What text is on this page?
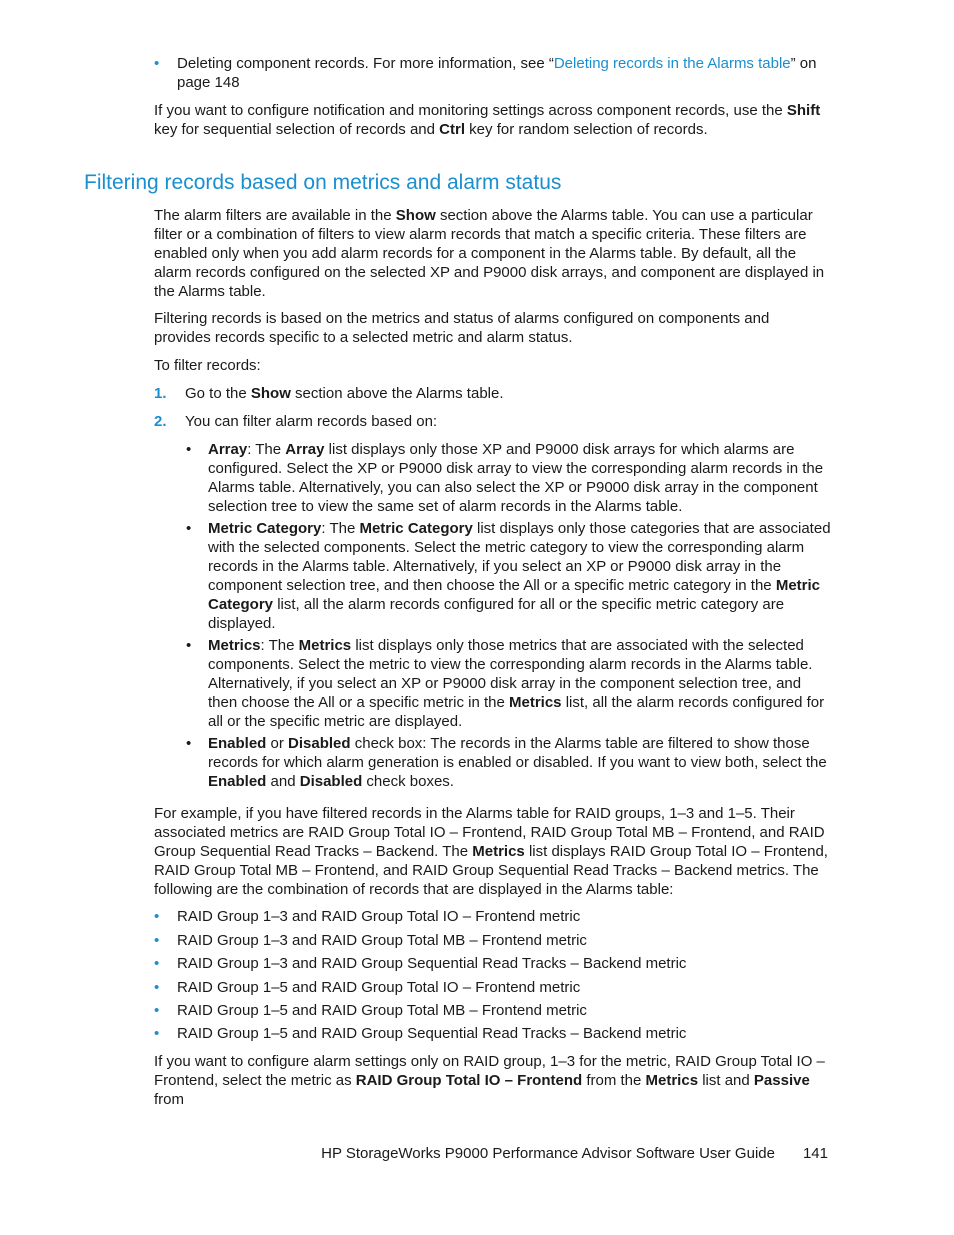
• Deleting component records. For more information, see “Deleting records in the Alarms table” on page 148

If you want to configure notification and monitoring settings across component records, use the Shift key for sequential selection of records and Ctrl key for random selection of records.

Filtering records based on metrics and alarm status

The alarm filters are available in the Show section above the Alarms table. You can use a particular filter or a combination of filters to view alarm records that match a specific criteria. These filters are enabled only when you add alarm records for a component in the Alarms table. By default, all the alarm records configured on the selected XP and P9000 disk arrays, and component are displayed in the Alarms table.

Filtering records is based on the metrics and status of alarms configured on components and provides records specific to a selected metric and alarm status.

To filter records:

1. Go to the Show section above the Alarms table.
2. You can filter alarm records based on:
• Array: The Array list displays only those XP and P9000 disk arrays for which alarms are configured. Select the XP or P9000 disk array to view the corresponding alarm records in the Alarms table. Alternatively, you can also select the XP or P9000 disk array in the component selection tree to view the same set of alarm records in the Alarms table.
• Metric Category: The Metric Category list displays only those categories that are associated with the selected components. Select the metric category to view the corresponding alarm records in the Alarms table. Alternatively, if you select an XP or P9000 disk array in the component selection tree, and then choose the All or a specific metric category in the Metric Category list, all the alarm records configured for all or the specific metric category are displayed.
• Metrics: The Metrics list displays only those metrics that are associated with the selected components. Select the metric to view the corresponding alarm records in the Alarms table. Alternatively, if you select an XP or P9000 disk array in the component selection tree, and then choose the All or a specific metric in the Metrics list, all the alarm records configured for all or the specific metric are displayed.
• Enabled or Disabled check box: The records in the Alarms table are filtered to show those records for which alarm generation is enabled or disabled. If you want to view both, select the Enabled and Disabled check boxes.

For example, if you have filtered records in the Alarms table for RAID groups, 1–3 and 1–5. Their associated metrics are RAID Group Total IO – Frontend, RAID Group Total MB – Frontend, and RAID Group Sequential Read Tracks – Backend. The Metrics list displays RAID Group Total IO – Frontend, RAID Group Total MB – Frontend, and RAID Group Sequential Read Tracks – Backend metrics. The following are the combination of records that are displayed in the Alarms table:

• RAID Group 1–3 and RAID Group Total IO – Frontend metric
• RAID Group 1–3 and RAID Group Total MB – Frontend metric
• RAID Group 1–3 and RAID Group Sequential Read Tracks – Backend metric
• RAID Group 1–5 and RAID Group Total IO – Frontend metric
• RAID Group 1–5 and RAID Group Total MB – Frontend metric
• RAID Group 1–5 and RAID Group Sequential Read Tracks – Backend metric

If you want to configure alarm settings only on RAID group, 1–3 for the metric, RAID Group Total IO – Frontend, select the metric as RAID Group Total IO – Frontend from the Metrics list and Passive from

HP StorageWorks P9000 Performance Advisor Software User Guide 141
